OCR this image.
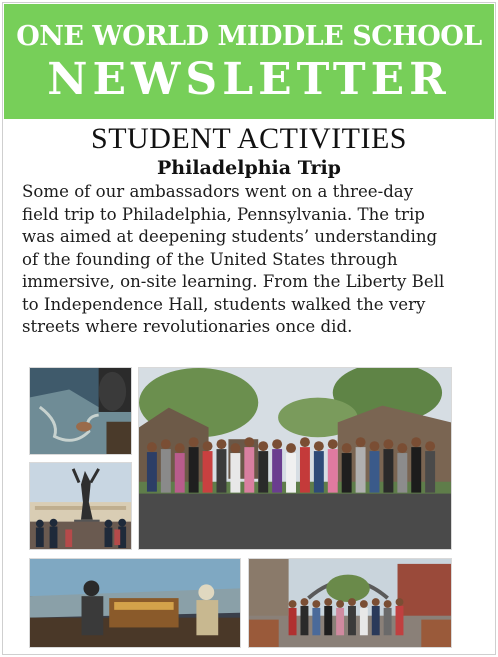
ONE WORLD MIDDLE SCHOOL
NEWSLETTER
STUDENT ACTIVITIES
Philadelphia Trip

Some of our ambassadors went on a three-day
field trip to Philadelphia, Pennsylvania. The trip
was aimed at deepening students’ understanding
of the founding of the United States through
immersive, on-site learning. From the Liberty Bell
to Independence Hall, students walked the very
streets where revolutionaries once did.
